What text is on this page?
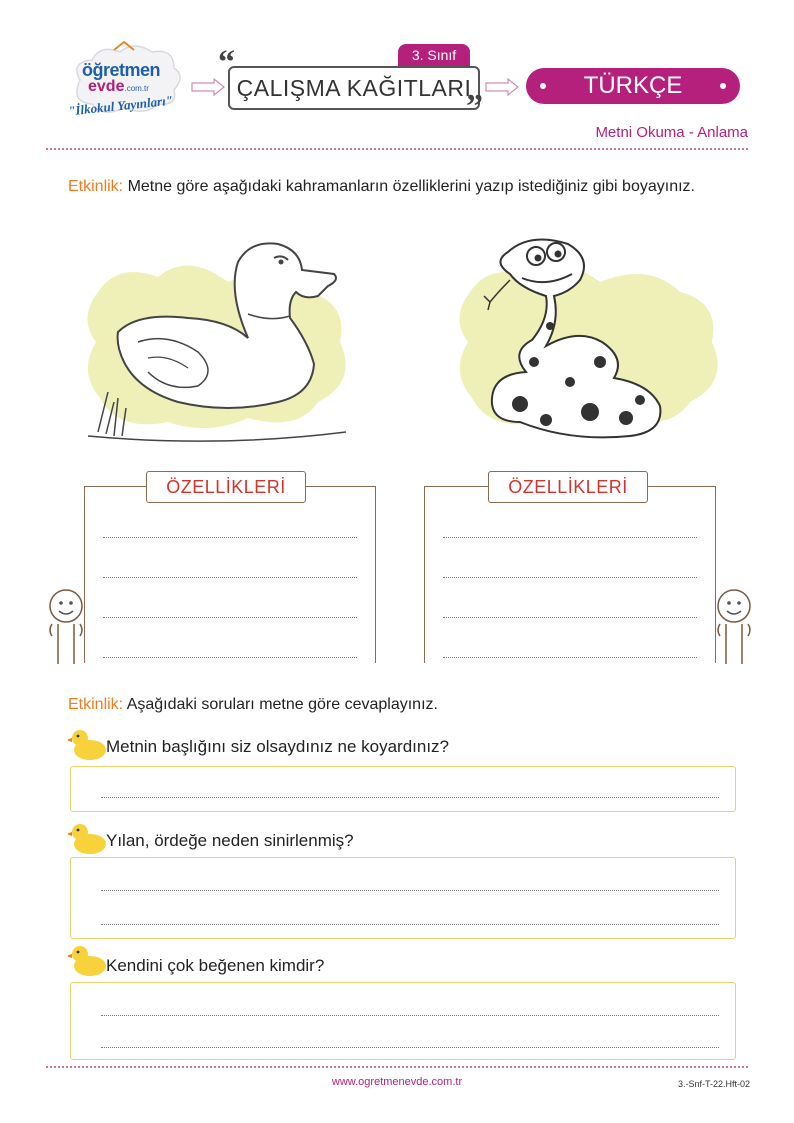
öğretmen
evde.com.tr
"İlkokul Yayınları"
3. Sınıf
ÇALIŞMA KAĞITLARI
“
”
TÜRKÇE
Metni Okuma - Anlama
Etkinlik: Metne göre aşağıdaki kahramanların özelliklerini yazıp istediğiniz gibi boyayınız.
ÖZELLİKLERİ	ÖZELLİKLERİ
Etkinlik: Aşağıdaki soruları metne göre cevaplayınız.
Metnin başlığını siz olsaydınız ne koyardınız?
Yılan, ördeğe neden sinirlenmiş?
Kendini çok beğenen kimdir?
www.ogretmenevde.com.tr	3.-Snf-T-22.Hft-02
